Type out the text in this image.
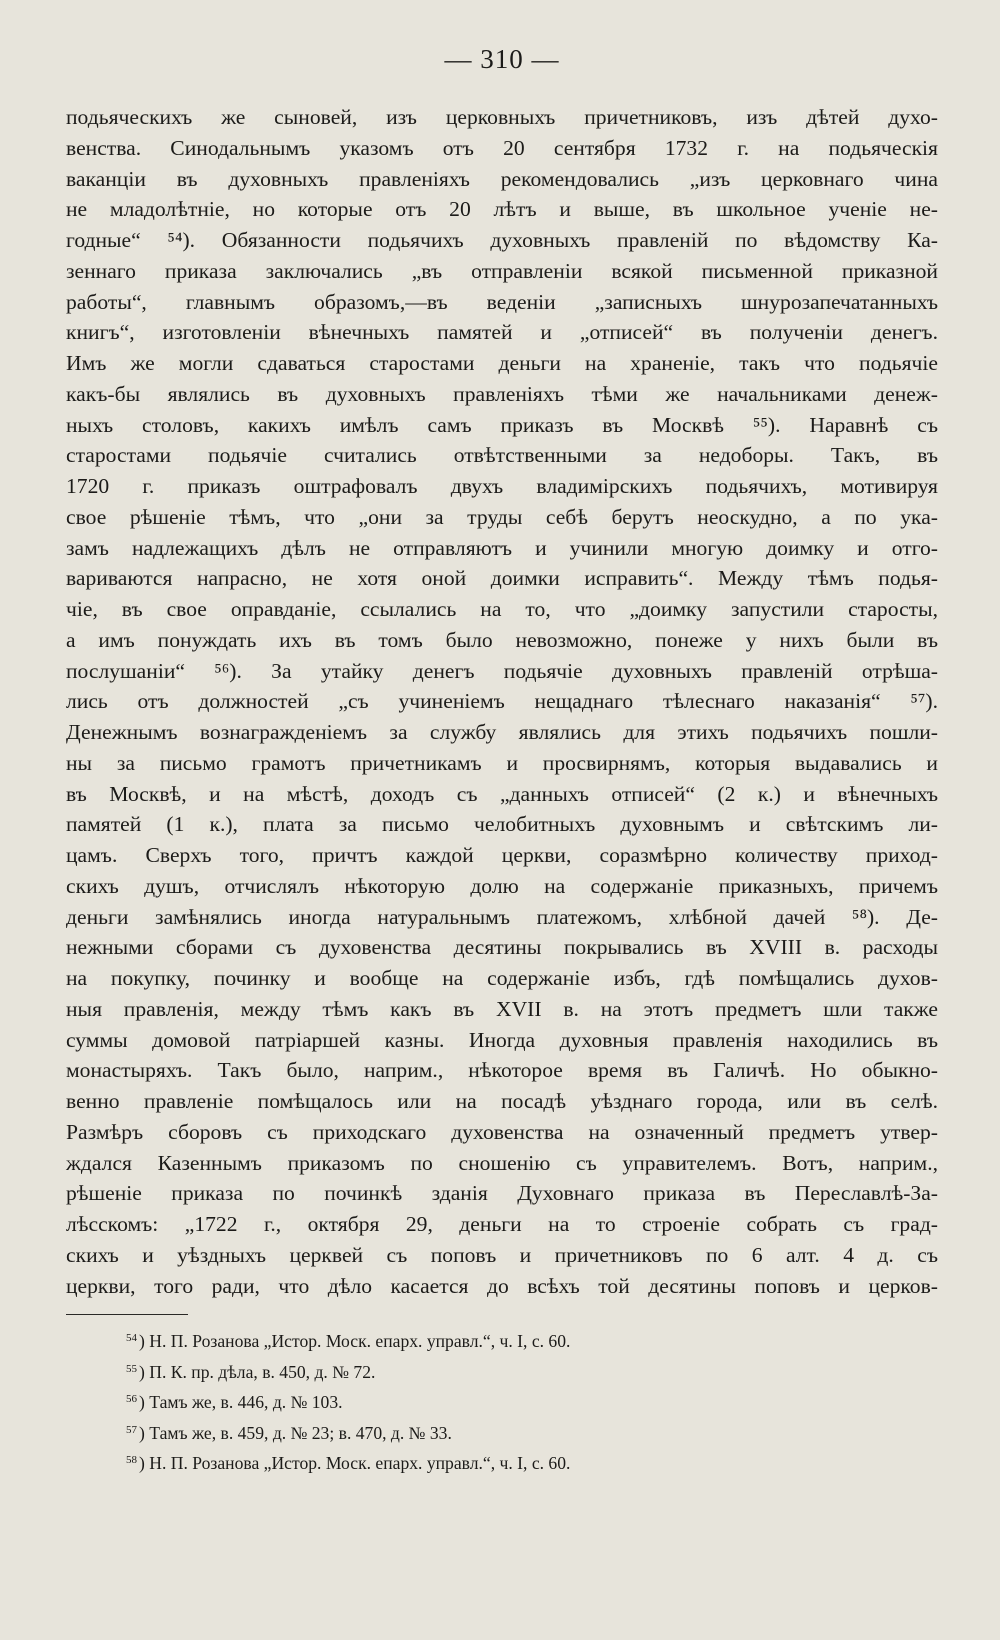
— 310 —
подьяческихъ же сыновей, изъ церковныхъ причетниковъ, изъ дѣтей духо-
венства. Синодальнымъ указомъ отъ 20 сентября 1732 г. на подьяческія
ваканціи въ духовныхъ правленіяхъ рекомендовались „изъ церковнаго чина
не младолѣтніе, но которые отъ 20 лѣтъ и выше, въ школьное ученіе не-
годные“ ⁵⁴). Обязанности подьячихъ духовныхъ правленій по вѣдомству Ка-
зеннаго приказа заключались „въ отправленіи всякой письменной приказной
работы“, главнымъ образомъ,—въ веденіи „записныхъ шнурозапечатанныхъ
книгъ“, изготовленіи вѣнечныхъ памятей и „отписей“ въ полученіи денегъ.
Имъ же могли сдаваться старостами деньги на храненіе, такъ что подьячіе
какъ-бы являлись въ духовныхъ правленіяхъ тѣми же начальниками денеж-
ныхъ столовъ, какихъ имѣлъ самъ приказъ въ Москвѣ ⁵⁵). Наравнѣ съ
старостами подьячіе считались отвѣтственными за недоборы. Такъ, въ
1720 г. приказъ оштрафовалъ двухъ владимірскихъ подьячихъ, мотивируя
свое рѣшеніе тѣмъ, что „они за труды себѣ берутъ неоскудно, а по ука-
замъ надлежащихъ дѣлъ не отправляютъ и учинили многую доимку и отго-
вариваются напрасно, не хотя оной доимки исправить“. Между тѣмъ подья-
чіе, въ свое оправданіе, ссылались на то, что „доимку запустили старосты,
а имъ понуждать ихъ въ томъ было невозможно, понеже у нихъ были въ
послушаніи“ ⁵⁶). За утайку денегъ подьячіе духовныхъ правленій отрѣша-
лись отъ должностей „съ учиненіемъ нещаднаго тѣлеснаго наказанія“ ⁵⁷).
Денежнымъ вознагражденіемъ за службу являлись для этихъ подьячихъ пошли-
ны за письмо грамотъ причетникамъ и просвирнямъ, которыя выдавались и
въ Москвѣ, и на мѣстѣ, доходъ съ „данныхъ отписей“ (2 к.) и вѣнечныхъ
памятей (1 к.), плата за письмо челобитныхъ духовнымъ и свѣтскимъ ли-
цамъ. Сверхъ того, причтъ каждой церкви, соразмѣрно количеству приход-
скихъ душъ, отчислялъ нѣкоторую долю на содержаніе приказныхъ, причемъ
деньги замѣнялись иногда натуральнымъ платежомъ, хлѣбной дачей ⁵⁸). Де-
нежными сборами съ духовенства десятины покрывались въ XVIII в. расходы
на покупку, починку и вообще на содержаніе избъ, гдѣ помѣщались духов-
ныя правленія, между тѣмъ какъ въ XVII в. на этотъ предметъ шли также
суммы домовой патріаршей казны. Иногда духовныя правленія находились въ
монастыряхъ. Такъ было, наприм., нѣкоторое время въ Галичѣ. Но обыкно-
венно правленіе помѣщалось или на посадѣ уѣзднаго города, или въ селѣ.
Размѣръ сборовъ съ приходскаго духовенства на означенный предметъ утвер-
ждался Казеннымъ приказомъ по сношенію съ управителемъ. Вотъ, наприм.,
рѣшеніе приказа по починкѣ зданія Духовнаго приказа въ Переславлѣ-За-
лѣсскомъ: „1722 г., октября 29, деньги на то строеніе собрать съ град-
скихъ и уѣздныхъ церквей съ поповъ и причетниковъ по 6 алт. 4 д. съ
церкви, того ради, что дѣло касается до всѣхъ той десятины поповъ и церков-
$^{54}$ ) Н. П. Розанова „Истор. Моск. епарх. управл.“, ч. I, с. 60.
$^{55}$ ) П. К. пр. дѣла, в. 450, д. № 72.
$^{56}$ ) Тамъ же, в. 446, д. № 103.
$^{57}$ ) Тамъ же, в. 459, д. № 23; в. 470, д. № 33.
$^{58}$ ) Н. П. Розанова „Истор. Моск. епарх. управл.“, ч. I, с. 60.
